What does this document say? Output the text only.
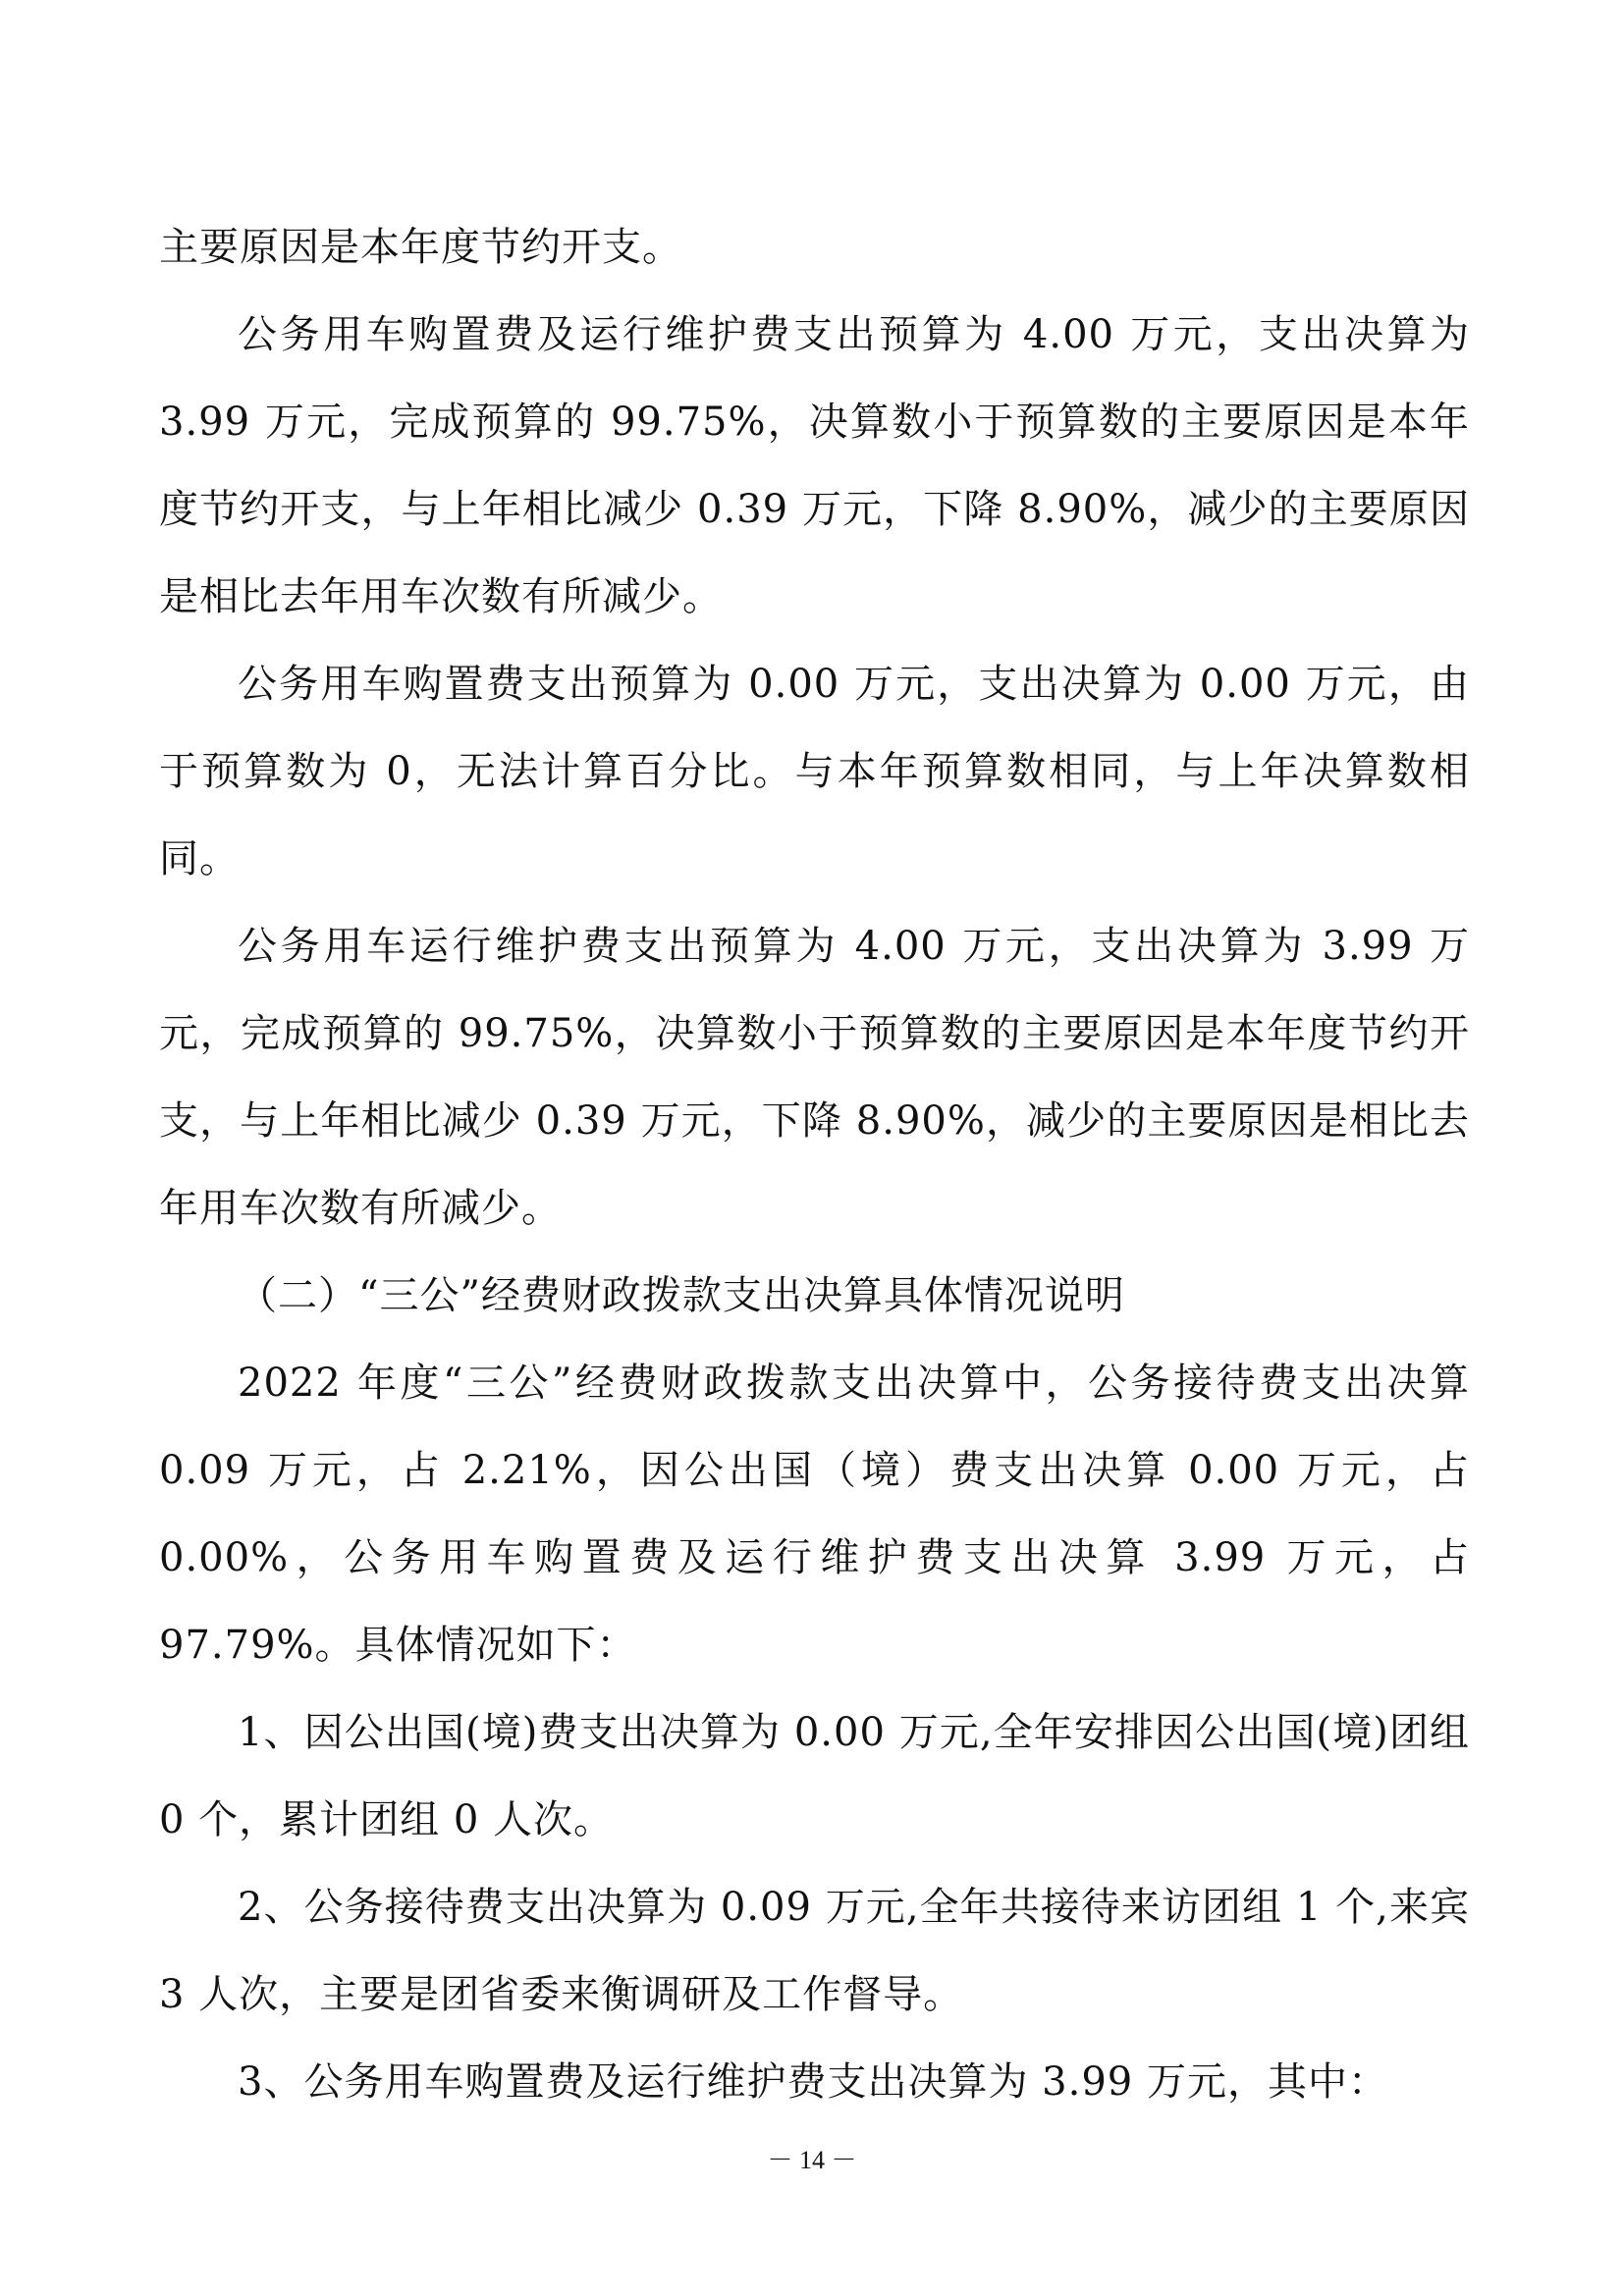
主要原因是本年度节约开支。

公务用车购置费及运行维护费支出预算为 4.00 万元，支出决算为 3.99 万元，完成预算的 99.75%，决算数小于预算数的主要原因是本年度节约开支，与上年相比减少 0.39 万元，下降 8.90%，减少的主要原因是相比去年用车次数有所减少。

公务用车购置费支出预算为 0.00 万元，支出决算为 0.00 万元，由于预算数为 0，无法计算百分比。与本年预算数相同，与上年决算数相同。

公务用车运行维护费支出预算为 4.00 万元，支出决算为 3.99 万元，完成预算的 99.75%，决算数小于预算数的主要原因是本年度节约开支，与上年相比减少 0.39 万元，下降 8.90%，减少的主要原因是相比去年用车次数有所减少。

（二）“三公”经费财政拨款支出决算具体情况说明

2022 年度“三公”经费财政拨款支出决算中，公务接待费支出决算 0.09 万元，占 2.21%，因公出国（境）费支出决算 0.00 万元，占 0.00%，公务用车购置费及运行维护费支出决算 3.99 万元，占 97.79%。具体情况如下：

1、因公出国(境)费支出决算为 0.00 万元,全年安排因公出国(境)团组 0 个，累计团组 0 人次。

2、公务接待费支出决算为 0.09 万元,全年共接待来访团组 1 个,来宾 3 人次，主要是团省委来衡调研及工作督导。

3、公务用车购置费及运行维护费支出决算为 3.99 万元，其中：

－ 14 －
